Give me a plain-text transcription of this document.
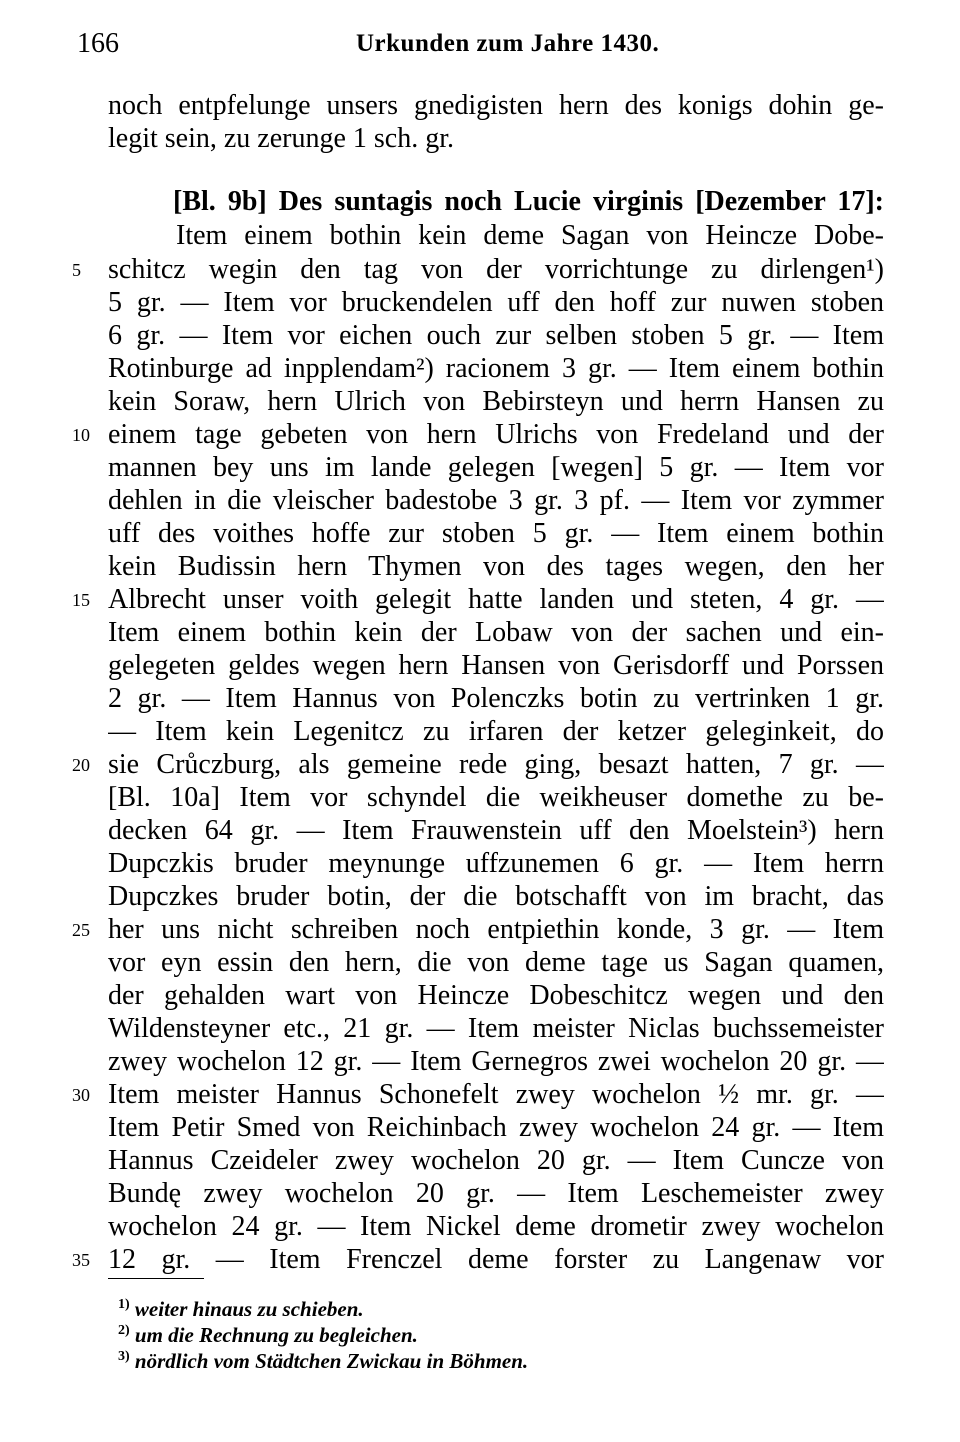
166	Urkunden zum Jahre 1430.
noch entpfelunge unsers gnedigisten hern des konigs dohin ge-
legit sein, zu zerunge 1 sch. gr.
[Bl. 9b] Des suntagis noch Lucie virginis [Dezember 17]:
Item einem bothin kein deme Sagan von Heincze Dobe-
schitcz wegin den tag von der vorrichtunge zu dirlengen¹)
5 gr. — Item vor bruckendelen uff den hoff zur nuwen stoben
6 gr. — Item vor eichen ouch zur selben stoben 5 gr. — Item
Rotinburge ad inpplendam²) racionem 3 gr. — Item einem bothin
kein Soraw, hern Ulrich von Bebirsteyn und herrn Hansen zu
einem tage gebeten von hern Ulrichs von Fredeland und der
mannen bey uns im lande gelegen [wegen] 5 gr. — Item vor
dehlen in die vleischer badestobe 3 gr. 3 pf. — Item vor zymmer
uff des voithes hoffe zur stoben 5 gr. — Item einem bothin
kein Budissin hern Thymen von des tages wegen, den her
Albrecht unser voith gelegit hatte landen und steten, 4 gr. —
Item einem bothin kein der Lobaw von der sachen und ein-
gelegeten geldes wegen hern Hansen von Gerisdorff und Porssen
2 gr. — Item Hannus von Polenczks botin zu vertrinken 1 gr.
— Item kein Legenitcz zu irfaren der ketzer geleginkeit, do
sie Crůczburg, als gemeine rede ging, besazt hatten, 7 gr. —
[Bl. 10a] Item vor schyndel die weikheuser domethe zu be-
decken 64 gr. — Item Frauwenstein uff den Moelstein³) hern
Dupczkis bruder meynunge uffzunemen 6 gr. — Item herrn
Dupczkes bruder botin, der die botschafft von im bracht, das
her uns nicht schreiben noch entpiethin konde, 3 gr. — Item
vor eyn essin den hern, die von deme tage us Sagan quamen,
der gehalden wart von Heincze Dobeschitcz wegen und den
Wildensteyner etc., 21 gr. — Item meister Niclas buchssemeister
zwey wochelon 12 gr. — Item Gernegros zwei wochelon 20 gr. —
Item meister Hannus Schonefelt zwey wochelon ½ mr. gr. —
Item Petir Smed von Reichinbach zwey wochelon 24 gr. — Item
Hannus Czeideler zwey wochelon 20 gr. — Item Cuncze von
Bundę zwey wochelon 20 gr. — Item Leschemeister zwey
wochelon 24 gr. — Item Nickel deme drometir zwey wochelon
12 gr. — Item Frenczel deme forster zu Langenaw vor
5
10
15
20
25
30
35
$^{1)}$ weiter hinaus zu schieben.
$^{2)}$ um die Rechnung zu begleichen.
$^{3)}$ nördlich vom Städtchen Zwickau in Böhmen.
